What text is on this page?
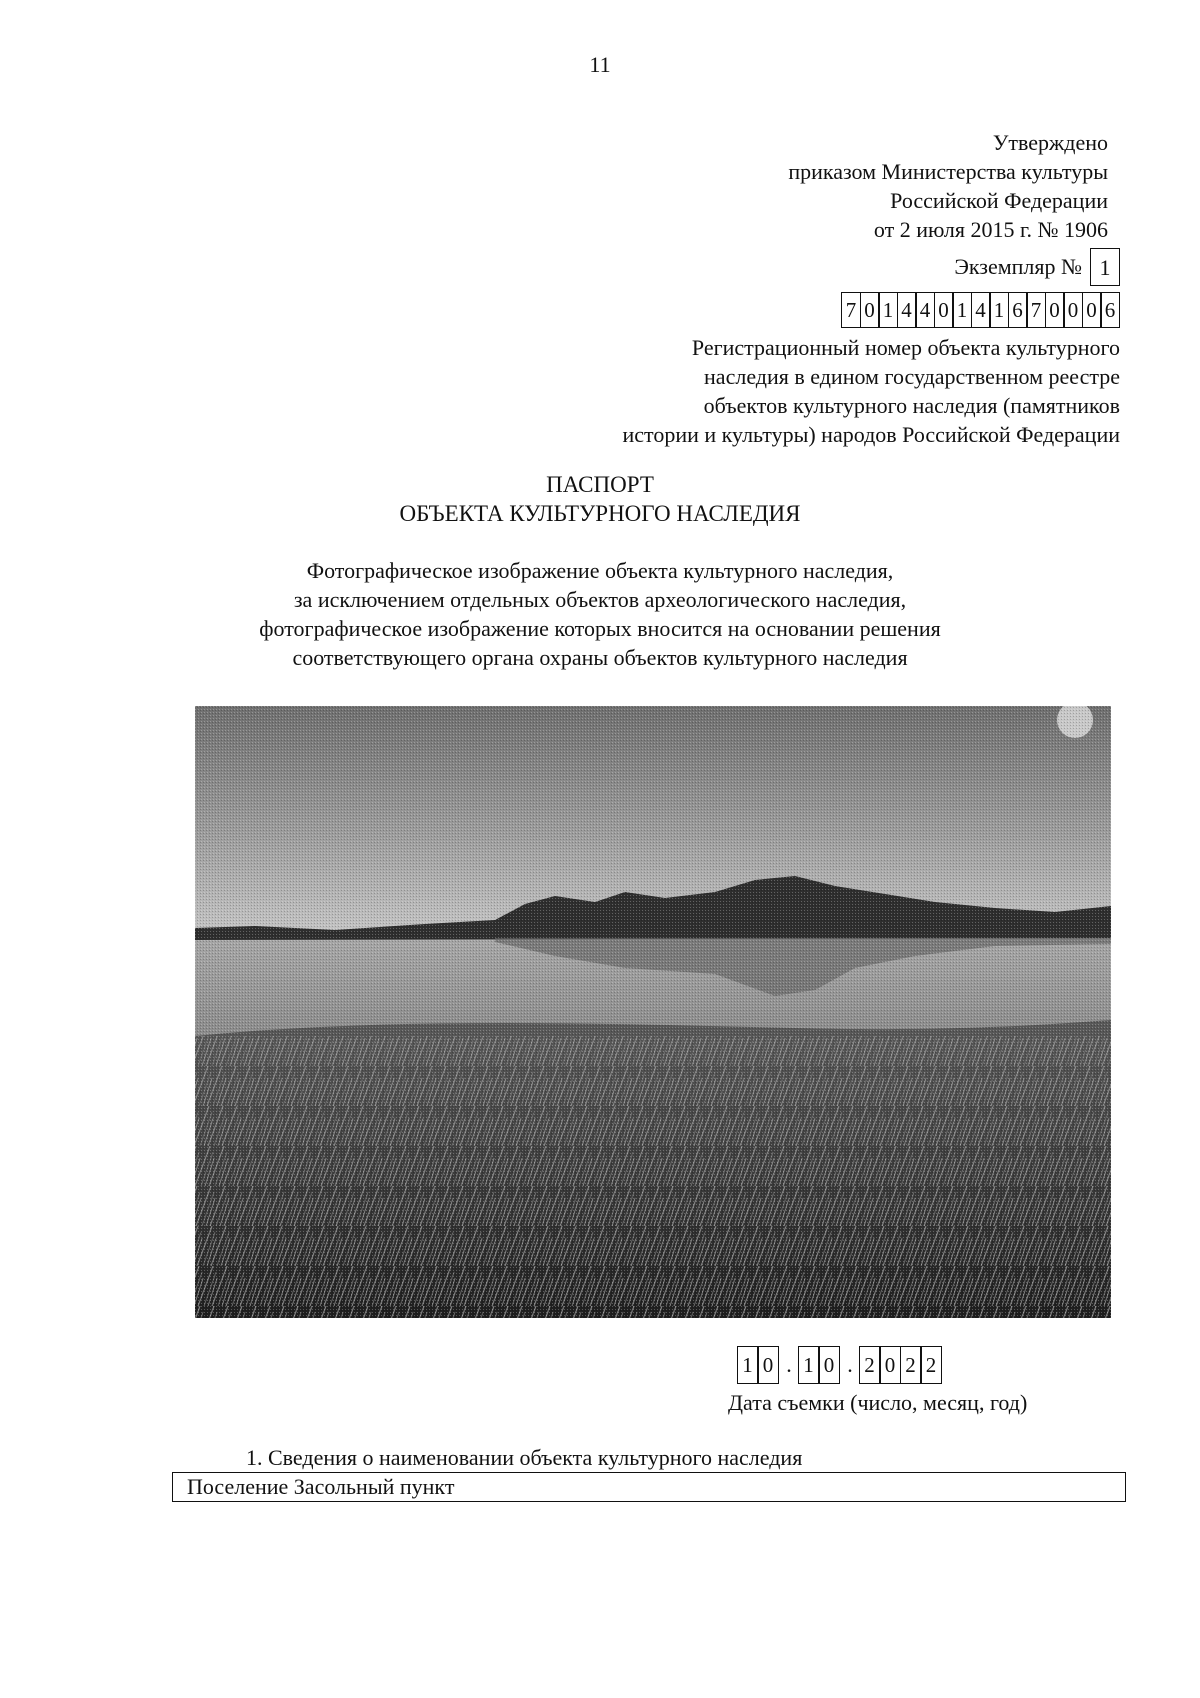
11
Утверждено
приказом Министерства культуры
Российской Федерации
от 2 июля 2015 г. № 1906
Экземпляр № 1
7 0 1 4 4 0 1 4 1 6 7 0 0 0 6
Регистрационный номер объекта культурного
наследия в едином государственном реестре
объектов культурного наследия (памятников
истории и культуры) народов Российской Федерации
ПАСПОРТ
ОБЪЕКТА КУЛЬТУРНОГО НАСЛЕДИЯ
Фотографическое изображение объекта культурного наследия,
за исключением отдельных объектов археологического наследия,
фотографическое изображение которых вносится на основании решения
соответствующего органа охраны объектов культурного наследия
1 0 . 1 0 . 2 0 2 2
Дата съемки (число, месяц, год)
1. Сведения о наименовании объекта культурного наследия
Поселение Засольный пункт
